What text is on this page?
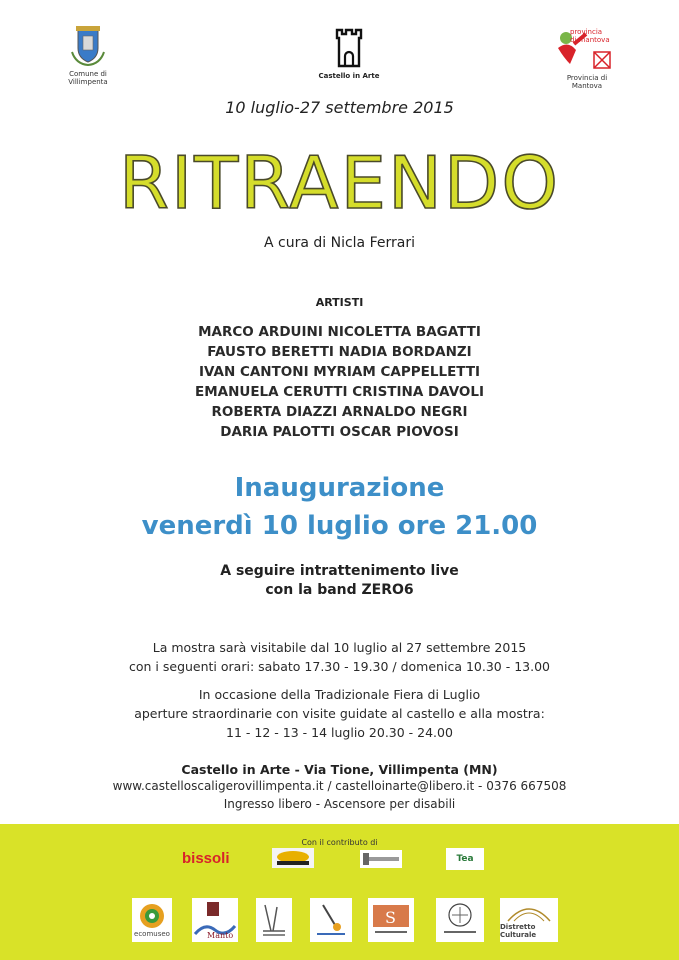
Comune di
Villimpenta
Castello in Arte
provincia
di mantova
Provincia di
Mantova
10 luglio-27 settembre 2015
RITRAENDO
A cura di Nicla Ferrari
ARTISTI
MARCO ARDUINI NICOLETTA BAGATTI
FAUSTO BERETTI NADIA BORDANZI
IVAN CANTONI MYRIAM CAPPELLETTI
EMANUELA CERUTTI CRISTINA DAVOLI
ROBERTA DIAZZI ARNALDO NEGRI
DARIA PALOTTI OSCAR PIOVOSI
Inaugurazione
venerdì 10 luglio ore 21.00
A seguire intrattenimento live
con la band ZERO6
La mostra sarà visitabile dal 10 luglio al 27 settembre 2015
con i seguenti orari: sabato 17.30 - 19.30 / domenica 10.30 - 13.00
In occasione della Tradizionale Fiera di Luglio
aperture straordinarie con visite guidate al castello e alla mostra:
11 - 12 - 13 - 14 luglio 20.30 - 24.00
Castello in Arte - Via Tione, Villimpenta (MN)
www.castelloscaligerovillimpenta.it / castelloinarte@libero.it - 0376 667508
Ingresso libero - Ascensore per disabili
Con il contributo di
bissoli	Tea
ecomuseo	Manto
S	Distretto Culturale
